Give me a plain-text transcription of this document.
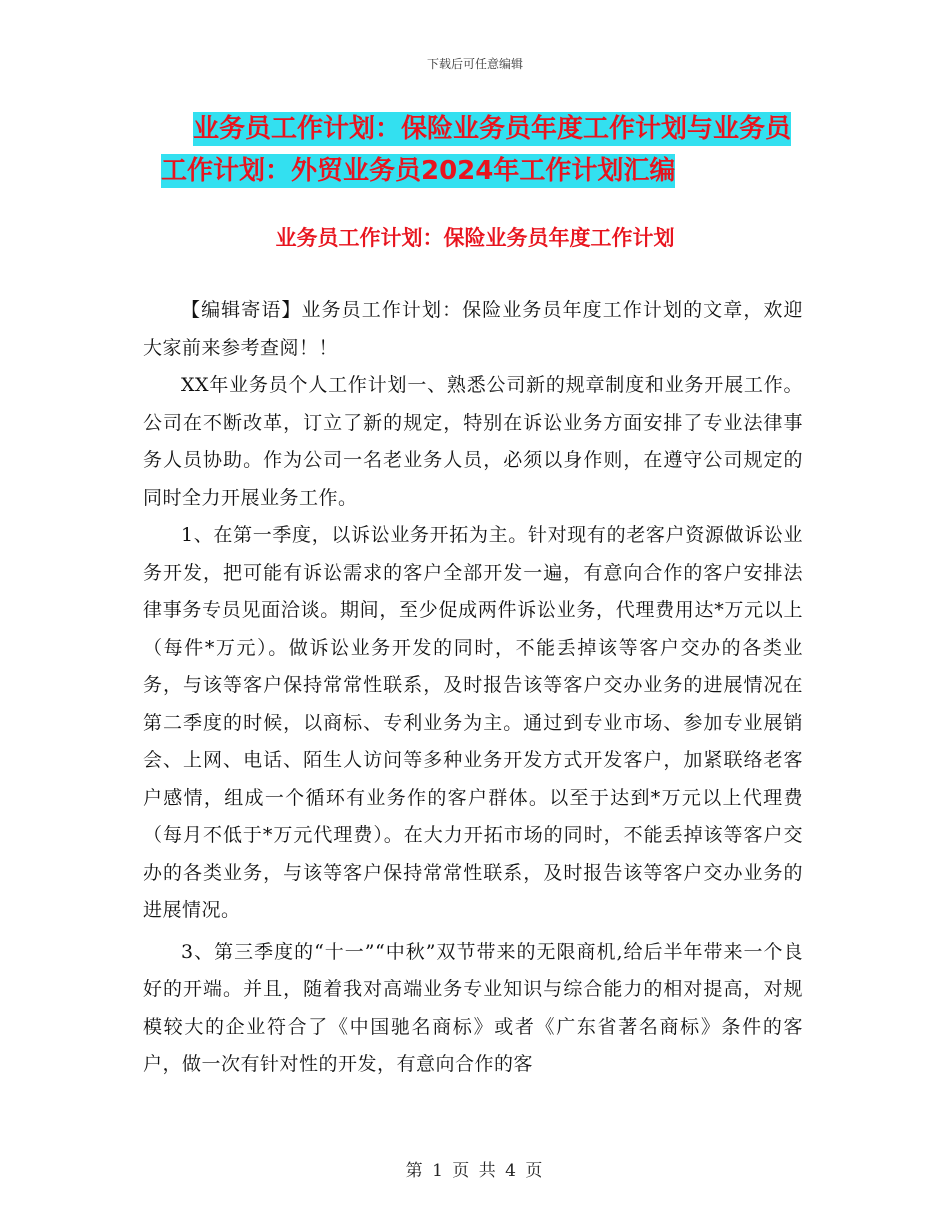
下载后可任意编辑
业务员工作计划：保险业务员年度工作计划与业务员
工作计划：外贸业务员2024年工作计划汇编
业务员工作计划：保险业务员年度工作计划

【编辑寄语】业务员工作计划：保险业务员年度工作计划的文章，欢迎大家前来参考查阅！！

XX年业务员个人工作计划一、熟悉公司新的规章制度和业务开展工作。公司在不断改革，订立了新的规定，特别在诉讼业务方面安排了专业法律事务人员协助。作为公司一名老业务人员，必须以身作则，在遵守公司规定的同时全力开展业务工作。

1、在第一季度，以诉讼业务开拓为主。针对现有的老客户资源做诉讼业务开发，把可能有诉讼需求的客户全部开发一遍，有意向合作的客户安排法律事务专员见面洽谈。期间，至少促成两件诉讼业务，代理费用达*万元以上（每件*万元）。做诉讼业务开发的同时，不能丢掉该等客户交办的各类业务，与该等客户保持常常性联系，及时报告该等客户交办业务的进展情况在第二季度的时候，以商标、专利业务为主。通过到专业市场、参加专业展销会、上网、电话、陌生人访问等多种业务开发方式开发客户，加紧联络老客户感情，组成一个循环有业务作的客户群体。以至于达到*万元以上代理费（每月不低于*万元代理费）。在大力开拓市场的同时，不能丢掉该等客户交办的各类业务，与该等客户保持常常性联系，及时报告该等客户交办业务的进展情况。

3、第三季度的“十一”“中秋”双节带来的无限商机,给后半年带来一个良好的开端。并且，随着我对高端业务专业知识与综合能力的相对提高，对规模较大的企业符合了《中国驰名商标》或者《广东省著名商标》条件的客户，做一次有针对性的开发，有意向合作的客

第 1 页 共 4 页
